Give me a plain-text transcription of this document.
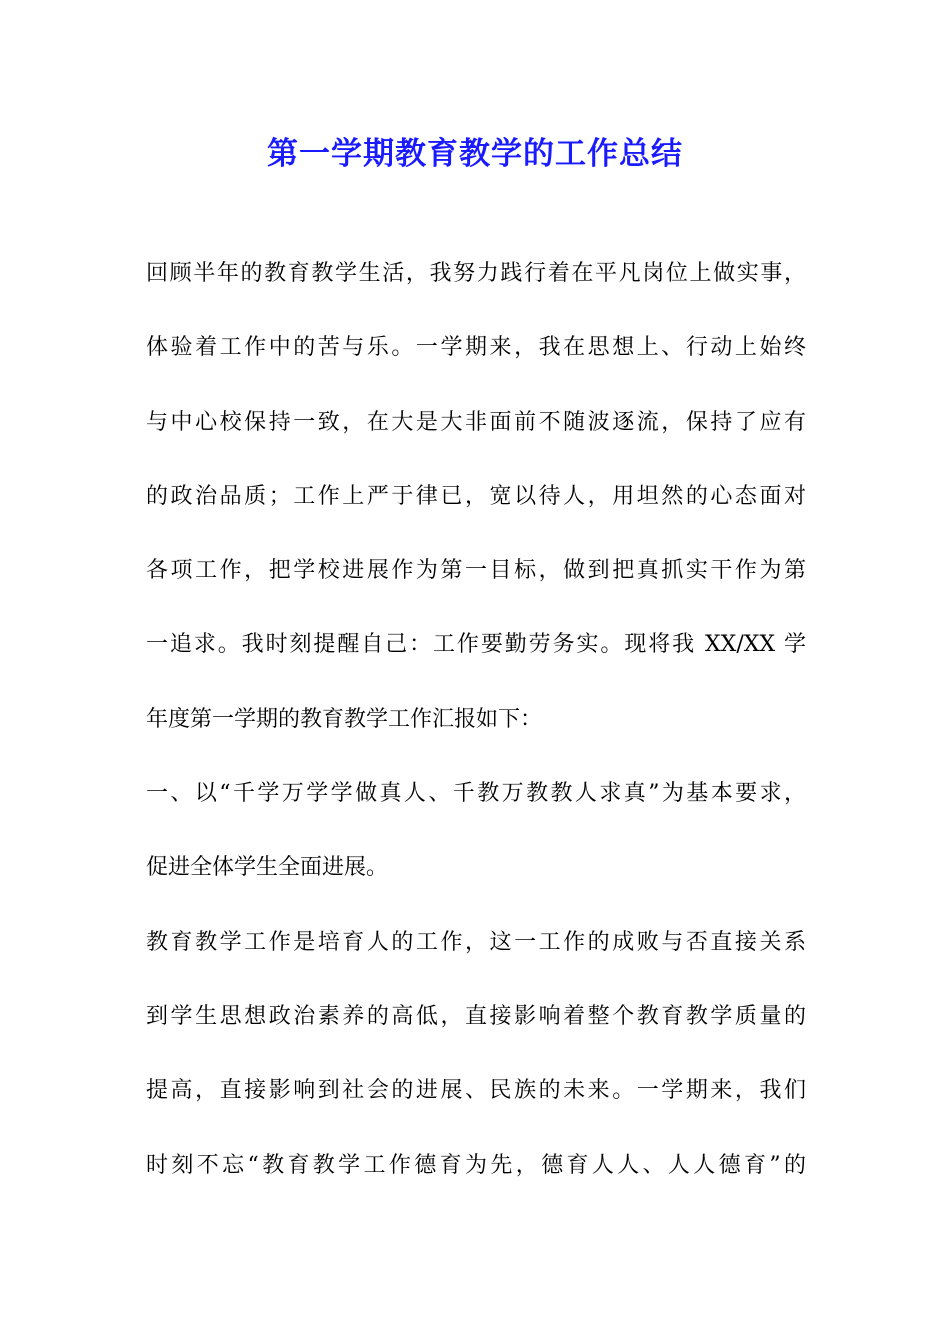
第一学期教育教学的工作总结
回顾半年的教育教学生活，我努力践行着在平凡岗位上做实事，
体验着工作中的苦与乐。一学期来，我在思想上、行动上始终
与中心校保持一致，在大是大非面前不随波逐流，保持了应有
的政治品质；工作上严于律已，宽以待人，用坦然的心态面对
各项工作，把学校进展作为第一目标，做到把真抓实干作为第
一追求。我时刻提醒自己：工作要勤劳务实。现将我 XX/XX 学
年度第一学期的教育教学工作汇报如下：
一、以“千学万学学做真人、千教万教教人求真”为基本要求，
促进全体学生全面进展。
教育教学工作是培育人的工作，这一工作的成败与否直接关系
到学生思想政治素养的高低，直接影响着整个教育教学质量的
提高，直接影响到社会的进展、民族的未来。一学期来，我们
时刻不忘“教育教学工作德育为先，德育人人、人人德育”的
